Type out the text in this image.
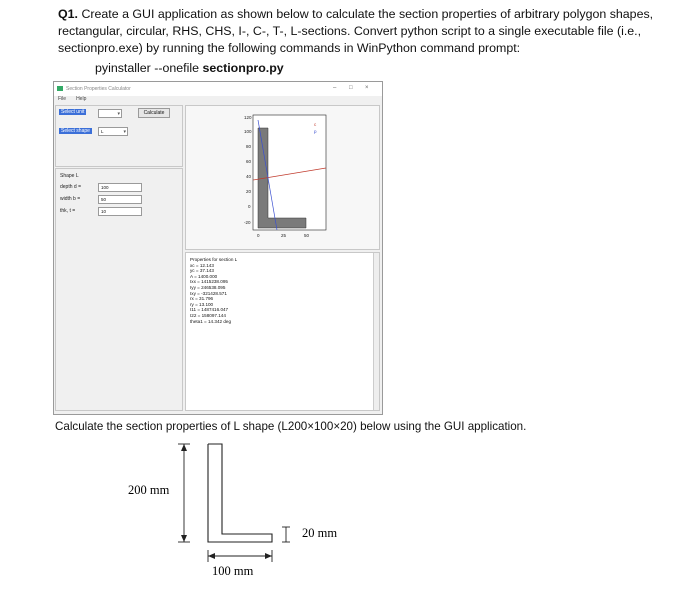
Q1. Create a GUI application as shown below to calculate the section properties of arbitrary polygon shapes,
rectangular, circular, RHS, CHS, I-, C-, T-, L-sections. Convert python script to a single executable file (i.e.,
sectionpro.exe) by running the following commands in WinPython command prompt:
pyinstaller --onefile sectionpro.py
Section Properties Calculator	– □ ×
File Help
Select unit	▾	Calculate
Select shape	L	▾
Shape L
depth d =	100
width b =	50
thk, t =	10
120
100
80
60
40
20
0
-20
0	25	50
c
p
Properties for section L
xc = 12.143
yc = 37.143
A = 1400.000
Ixx = 1415238.095
Iyy = 246538.095
Ixy = -321428.571
rx = 31.796
ry = 13.100
I11 = 1487416.047
I22 = 158097.144
theta1 = 14.342 deg
Calculate the section properties of L shape (L200×100×20) below using the GUI application.
200 mm
20 mm
100 mm
